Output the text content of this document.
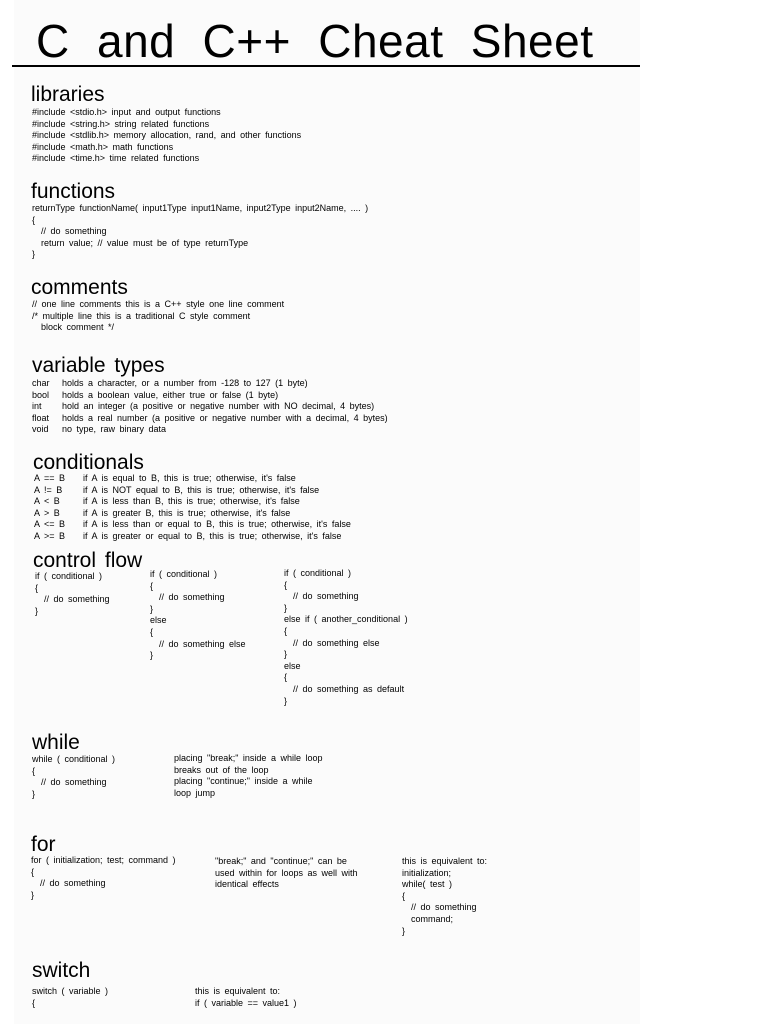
C and C++ Cheat Sheet
libraries
#include <stdio.h> input and output functions
#include <string.h> string related functions
#include <stdlib.h> memory allocation, rand, and other functions
#include <math.h> math functions
#include <time.h> time related functions
functions
returnType functionName( input1Type input1Name, input2Type input2Name, .... )
{
// do something
return value; // value must be of type returnType
}
comments
// one line comments this is a C++ style one line comment
/* multiple line this is a traditional C style comment
block comment */
variable types
char holds a character, or a number from -128 to 127 (1 byte)
bool holds a boolean value, either true or false (1 byte)
int hold an integer (a positive or negative number with NO decimal, 4 bytes)
float holds a real number (a positive or negative number with a decimal, 4 bytes)
void no type, raw binary data
conditionals
A == B if A is equal to B, this is true; otherwise, it's false
A != B if A is NOT equal to B, this is true; otherwise, it's false
A < B	if A is less than B, this is true; otherwise, it's false
A > B	if A is greater B, this is true; otherwise, it's false
A <= B if A is less than or equal to B, this is true; otherwise, it's false
A >= B if A is greater or equal to B, this is true; otherwise, it's false
control flow
if ( conditional )
{
// do something
}
if ( conditional )
{
// do something
}
else
{
// do something else
}
if ( conditional )
{
// do something
}
else if ( another_conditional )
{
// do something else
}
else
{
// do something as default
}
while
while ( conditional )
{
// do something
}
placing "break;" inside a while loop
breaks out of the loop
placing "continue;" inside a while
loop jump
for
for ( initialization; test; command )
{
// do something
}
"break;" and "continue;" can be
used within for loops as well with
identical effects
this is equivalent to:
initialization;
while( test )
{
// do something
command;
}
switch
switch ( variable )
{
this is equivalent to:
if ( variable == value1 )
